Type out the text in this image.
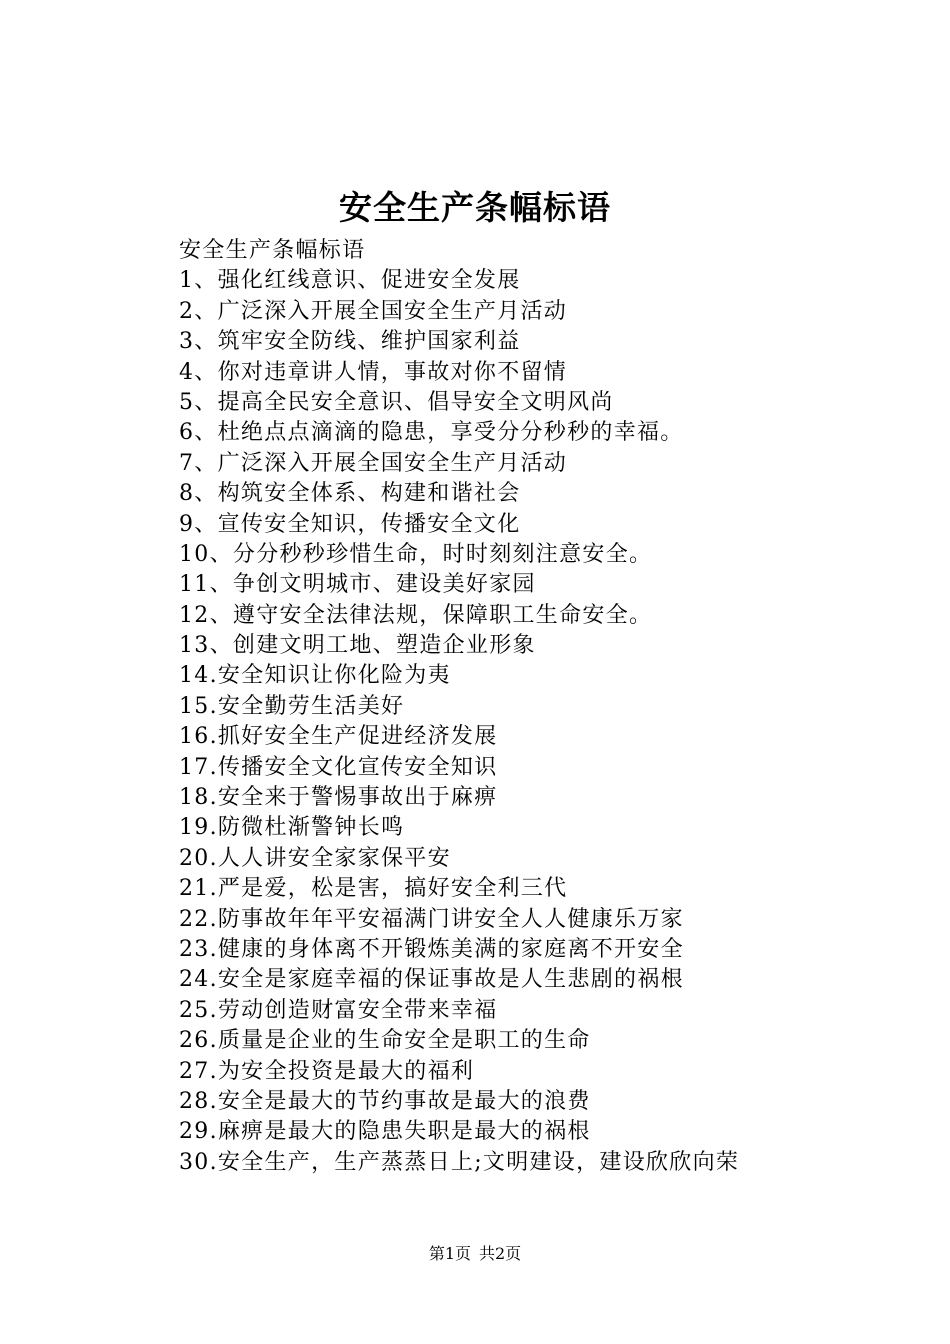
安全生产条幅标语
安全生产条幅标语
1、强化红线意识、促进安全发展
2、广泛深入开展全国安全生产月活动
3、筑牢安全防线、维护国家利益
4、你对违章讲人情，事故对你不留情
5、提高全民安全意识、倡导安全文明风尚
6、杜绝点点滴滴的隐患，享受分分秒秒的幸福。
7、广泛深入开展全国安全生产月活动
8、构筑安全体系、构建和谐社会
9、宣传安全知识，传播安全文化
10、分分秒秒珍惜生命，时时刻刻注意安全。
11、争创文明城市、建设美好家园
12、遵守安全法律法规，保障职工生命安全。
13、创建文明工地、塑造企业形象
14.安全知识让你化险为夷
15.安全勤劳生活美好
16.抓好安全生产促进经济发展
17.传播安全文化宣传安全知识
18.安全来于警惕事故出于麻痹
19.防微杜渐警钟长鸣
20.人人讲安全家家保平安
21.严是爱，松是害，搞好安全利三代
22.防事故年年平安福满门讲安全人人健康乐万家
23.健康的身体离不开锻炼美满的家庭离不开安全
24.安全是家庭幸福的保证事故是人生悲剧的祸根
25.劳动创造财富安全带来幸福
26.质量是企业的生命安全是职工的生命
27.为安全投资是最大的福利
28.安全是最大的节约事故是最大的浪费
29.麻痹是最大的隐患失职是最大的祸根
30.安全生产，生产蒸蒸日上;文明建设，建设欣欣向荣
第1页 共2页
